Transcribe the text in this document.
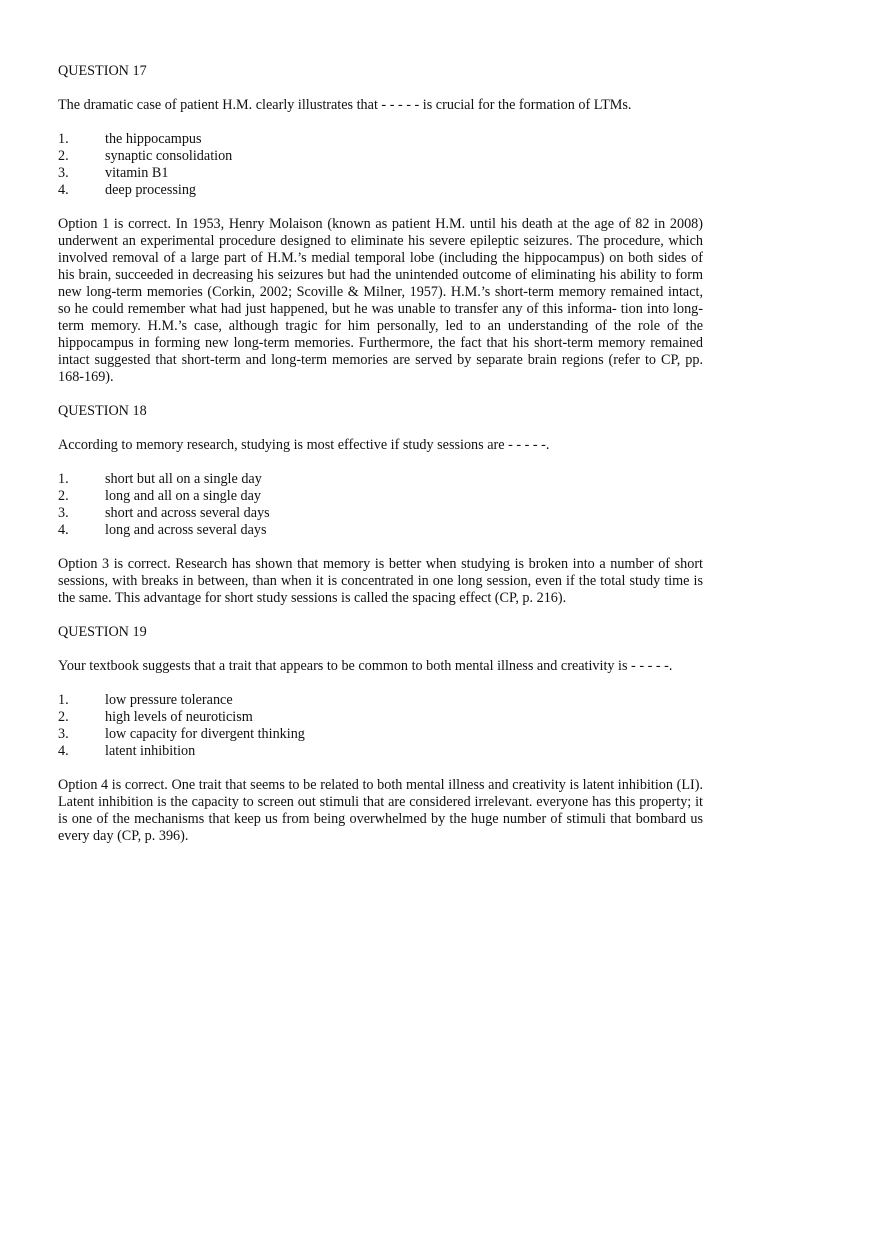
QUESTION 17
The dramatic case of patient H.M. clearly illustrates that - - - - - is crucial for the formation of LTMs.
1.	the hippocampus
2.	synaptic consolidation
3.	vitamin B1
4.	deep processing

Option 1 is correct. In 1953, Henry Molaison (known as patient H.M. until his death at the age of 82 in 2008) underwent an experimental procedure designed to eliminate his severe epileptic seizures. The procedure, which involved removal of a large part of H.M.’s medial temporal lobe (including the hippocampus) on both sides of his brain, succeeded in decreasing his seizures but had the unintended outcome of eliminating his ability to form new long-term memories (Corkin, 2002; Scoville & Milner, 1957). H.M.’s short-term memory remained intact, so he could remember what had just happened, but he was unable to transfer any of this informa- tion into long-term memory. H.M.’s case, although tragic for him personally, led to an understanding of the role of the hippocampus in forming new long-term memories. Furthermore, the fact that his short-term memory remained intact suggested that short-term and long-term memories are served by separate brain regions (refer to CP, pp. 168-169).

QUESTION 18
According to memory research, studying is most effective if study sessions are - - - - -.
1.	short but all on a single day
2.	long and all on a single day
3.	short and across several days
4.	long and across several days

Option 3 is correct. Research has shown that memory is better when studying is broken into a number of short sessions, with breaks in between, than when it is concentrated in one long session, even if the total study time is the same. This advantage for short study sessions is called the spacing effect (CP, p. 216).

QUESTION 19
Your textbook suggests that a trait that appears to be common to both mental illness and creativity is - - - - -.
1.	low pressure tolerance
2.	high levels of neuroticism
3.	low capacity for divergent thinking
4.	latent inhibition

Option 4 is correct. One trait that seems to be related to both mental illness and creativity is latent inhibition (LI). Latent inhibition is the capacity to screen out stimuli that are considered irrelevant. everyone has this property; it is one of the mechanisms that keep us from being overwhelmed by the huge number of stimuli that bombard us every day (CP, p. 396).
